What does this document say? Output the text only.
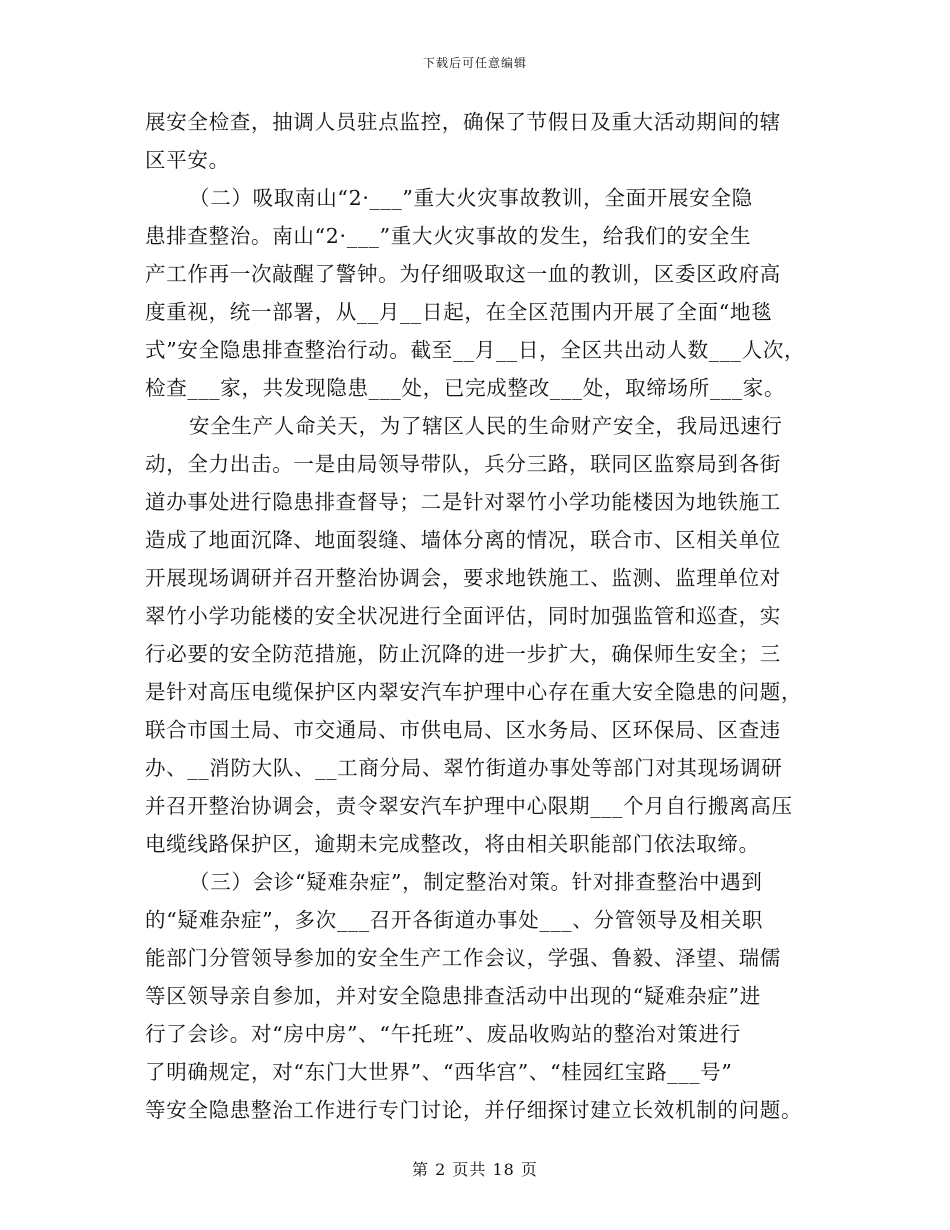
下载后可任意编辑

展安全检查，抽调人员驻点监控，确保了节假日及重大活动期间的辖
区平安。

（二）吸取南山“2·___”重大火灾事故教训，全面开展安全隐
患排查整治。南山“2·___”重大火灾事故的发生，给我们的安全生
产工作再一次敲醒了警钟。为仔细吸取这一血的教训，区委区政府高
度重视，统一部署，从__月__日起，在全区范围内开展了全面“地毯
式”安全隐患排查整治行动。截至__月__日，全区共出动人数___人次，
检查___家，共发现隐患___处，已完成整改___处，取缔场所___家。

安全生产人命关天，为了辖区人民的生命财产安全，我局迅速行
动，全力出击。一是由局领导带队，兵分三路，联同区监察局到各街
道办事处进行隐患排查督导；二是针对翠竹小学功能楼因为地铁施工
造成了地面沉降、地面裂缝、墙体分离的情况，联合市、区相关单位
开展现场调研并召开整治协调会，要求地铁施工、监测、监理单位对
翠竹小学功能楼的安全状况进行全面评估，同时加强监管和巡查，实
行必要的安全防范措施，防止沉降的进一步扩大，确保师生安全；三
是针对高压电缆保护区内翠安汽车护理中心存在重大安全隐患的问题，
联合市国土局、市交通局、市供电局、区水务局、区环保局、区查违
办、__消防大队、__工商分局、翠竹街道办事处等部门对其现场调研
并召开整治协调会，责令翠安汽车护理中心限期___个月自行搬离高压
电缆线路保护区，逾期未完成整改，将由相关职能部门依法取缔。

（三）会诊“疑难杂症”，制定整治对策。针对排查整治中遇到
的“疑难杂症”，多次___召开各街道办事处___、分管领导及相关职
能部门分管领导参加的安全生产工作会议，学强、鲁毅、泽望、瑞儒
等区领导亲自参加，并对安全隐患排查活动中出现的“疑难杂症”进
行了会诊。对“房中房”、“午托班”、废品收购站的整治对策进行
了明确规定，对“东门大世界”、“西华宫”、“桂园红宝路___号”
等安全隐患整治工作进行专门讨论，并仔细探讨建立长效机制的问题。

第 2 页共 18 页
